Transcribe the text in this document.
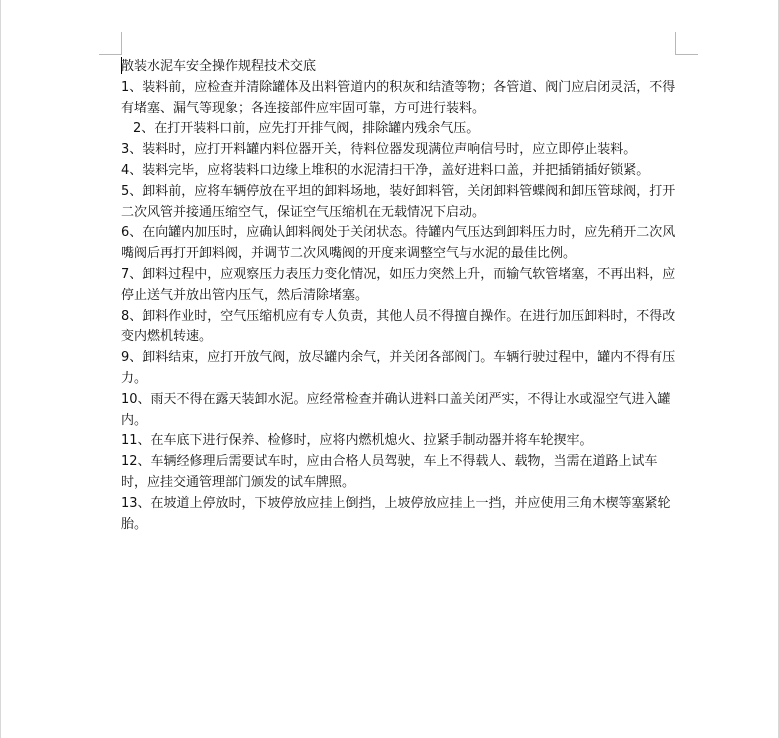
散装水泥车安全操作规程技术交底

1、装料前，应检查并清除罐体及出料管道内的积灰和结渣等物；各管道、阀门应启闭灵活，不得有堵塞、漏气等现象；各连接部件应牢固可靠，方可进行装料。

2、在打开装料口前，应先打开排气阀，排除罐内残余气压。

3、装料时，应打开料罐内料位器开关，待料位器发现满位声响信号时，应立即停止装料。

4、装料完毕，应将装料口边缘上堆积的水泥清扫干净，盖好进料口盖，并把插销插好锁紧。

5、卸料前，应将车辆停放在平坦的卸料场地，装好卸料管，关闭卸料管蝶阀和卸压管球阀，打开二次风管并接通压缩空气，保证空气压缩机在无载情况下启动。

6、在向罐内加压时，应确认卸料阀处于关闭状态。待罐内气压达到卸料压力时，应先稍开二次风嘴阀后再打开卸料阀，并调节二次风嘴阀的开度来调整空气与水泥的最佳比例。

7、卸料过程中，应观察压力表压力变化情况，如压力突然上升，而输气软管堵塞，不再出料，应停止送气并放出管内压气，然后清除堵塞。

8、卸料作业时，空气压缩机应有专人负责，其他人员不得擅自操作。在进行加压卸料时，不得改变内燃机转速。

9、卸料结束，应打开放气阀，放尽罐内余气，并关闭各部阀门。车辆行驶过程中，罐内不得有压力。

10、雨天不得在露天装卸水泥。应经常检查并确认进料口盖关闭严实，不得让水或湿空气进入罐内。

11、在车底下进行保养、检修时，应将内燃机熄火、拉紧手制动器并将车轮揳牢。

12、车辆经修理后需要试车时，应由合格人员驾驶，车上不得载人、载物，当需在道路上试车时，应挂交通管理部门颁发的试车牌照。

13、在坡道上停放时，下坡停放应挂上倒挡，上坡停放应挂上一挡，并应使用三角木楔等塞紧轮胎。
